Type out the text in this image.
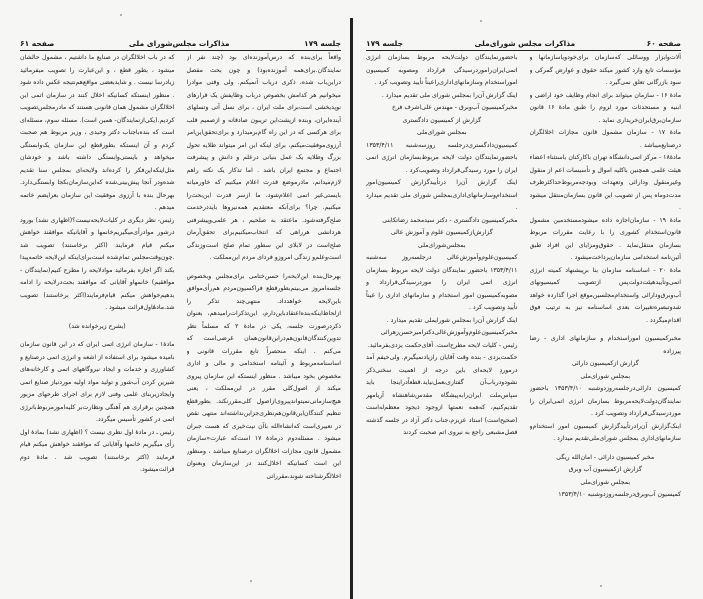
صفحه ۶۱	مذاکرات مجلس‌شورای ملی	جلسه ۱۷۹

واقعاً برای‌بنده که درس‌آموزنده‌ای بود (چند نفر از نمایندگان.برای‌همه آموزنده‌بود) و چون بحث مفصل دراین‌باب شده، ذکری درباب آنمیکنم. ولی وقتی مواد‌را میخوانیم هر کدامش بخصوص درباب وظایفش یک قرارهای نوپدیخشی است‌برای ملت ایران ، برای نسل آتی وتسلهای آینده‌ایران، وبنده ازپشت‌این تریبون صادقانه و ازصمیم قلب برای هرکسی که در این راه گام‌برمیدارد و برای‌تحقق‌این‌امر آرزوی‌موفقیت‌میکنم، برای اینکه این امر میتواند طلایه تحول بزرگ وطلایه یک عمل بنیانی درعلم و دانش و پیشرفت اجتماع و مجتمع ایران باشد . اما تذکار یک نکته راهم لازم‌میدانم، مادرموضع قدرت اعلام میکنیم که خاورمیانه بایستی‌غیر اتمی اعلام‌شود، ما ازسر قدرت این‌بحث‌را میکنیم. چرا؟ برای‌آنکه معتقدیم همه‌نیروها بایددرخدمت صلح‌گرفته‌شود. ماعتقد به صلحیم ، هر علمی‌وپیشرفتی هردانشی هرراهی که انتخاب‌میکنیم‌برای تحقق‌آرمان صلح‌است در لابلای این سطور تمام صلح است‌وزندگی است‌وعلم‌و زندگی امروزو فردای مردم این‌مملکت .

بهرحال‌بنده این‌لایحه‌را حسن‌ختامی برای‌مجلس وبخصوص جلسه‌امروز می‌بینم‌بطورقطع فراکسیون‌مردم هم‌رأی‌موافق باین‌لایحه خواهدداد. منتهی‌چند تذکر را ازلحاظ‌اینکه‌بنده‌اعتقادباین‌دارم، این‌تذکرات‌رامیدهم، بعنوان ذکردرصورت جلسه، یکی در مادهٔ ۲ که مسلماً نظر تدوین‌کنندگان‌قانون‌هم‌دراین‌قانون‌همان غرضی‌است که می‌کنم . اینکه منحصراً تابع مقررات قانونی و اساسنامه‌مربوط و آئینامه استخدامی و مالی و اداری مخصوص بخود میباشد . منظور اینستکه این سازمان پیروی میکند از اصول‌کلی مقرر در این‌مملکت ، یعنی هیچ‌سازمانی‌نمیتواندپیروی‌ازاصول کلی‌مقررنکند. بطورقطع تنظیم کنندگان‌این‌قانون‌هم‌نظری‌جزاین‌نداشته‌اند منتهی نقص در تعبیری‌است که‌انشاءالله باآن نیت‌خیری که هست جبران میشود . مسئله‌دوم درمادهٔ ۱۷ است‌که عبارت‌«سازمان مشمول قانون مجازات اخلالگران درصنایع میباشد ، ومنظور این است کسانیکه اخلال‌کنند در این‌سازمان وبعنوان اخلالگرشناخته شوند،مقرراتی

که در باب اخلالگران در صنایع ما داشتیم ، مشمول حالشان میشود ، بطور قطع ، و این‌عبارت را تصویب میفرمائید زیادرسا نیست . و شایدبعضی مواقع‌هم‌نتیجه عکس داده شود . منظور اینستکه کسانیکه اخلال کنند در سازمان اتمی این اخلالگران مشمول همان قانونی هستند که مادرمجلس‌تصویب کردیم.(یکی‌ازنمایندگان- همین است). مسئله سوم، مسئله‌ای است که بنده‌باجناب دکتر وحیدی ، وزیر مربوط هم صحبت کردم و آن اینستکه بطورقطع این سازمان یک‌وابستگی میخواهد و بایستی‌وابستگی داشته باشد و خودشان مثل‌اینکه‌این‌فکر را کرده‌اند ولایحه‌ای بمجلس سنا تقدیم شده‌ودر آنجا پیش‌بینی‌شده که‌این‌سازمان‌بکجا وابستگی‌دارد. بهرحال بنده با آرزوی موفقیت این سازمان بعرایضم خاتمه میدهم .

رئیس- نظر دیگری در کلیات‌لایحه‌نیست؟(اظهاری نشد) بورود درشور موادرأی‌میگیریم‌خانمها و آقایانیکه موافقند خواهش میکنم قیام فرمایند (اکثر برخاستند) تصویب شد .چون‌وقت‌مجلس تمام‌شده است‌برای‌اینکه این‌لایحه خاتمه‌پیدا بکند اگر اجازه بفرمائید موادلایحه را مطرح کنیم(نمایندگان - موافقیم) خانمهاو آقایانی که موافقند بحث‌درلایحه را ادامه بدهیم‌خواهش میکنم قیام‌فرمایند(اکثر برخاستند) تصویب شد.مادهٔاول‌قرائت میشود .

(بشرح زیرخوانده شد)

مادهٔ۱ - سازمان انرژی اتمی ایران که در این قانون سازمان نامیده میشود برای استفاده از اشعه و انرژی اتمی درصنایع و کشاورزی و خدمات و ایجاد نیروگاههای اتمی و کارخانه‌های شیرین کردن آب‌شور و تولید مواد اولیه موردنیاز صنایع اتمی وایجادزیربنای علمی وفنی لازم برای اجرای طرحهای مزبور همچنین برقراری هم آهنگی ونظارت‌بر کلیه‌امورمربوط‌بانرژی اتمی در کشور تأسیس میگردد.

رئیس ـ در مادهٔ اول نظری نیست ؟ (اظهاری نشد) بمادهٔ اول رأی میگیریم خانمها وآقایانی که موافقند خواهش میکنم قیام فرمایند (اکثر برخاستند) تصویب شد . مادهٔ دوم قرائت‌میشود.

صفحه ۶۰
مذاکرات مجلس شورای‌ملی
جلسه ۱۷۹

آلات‌وابزار ووسائلی که‌سازمان برای‌خودویاسازمانها و مؤسسات تابع وارد کشور میکند حقوق و عوارض گمرکی و سود بازرگانی تعلق نمی‌گیرد .

مادهٔ ۱۶ - سازمان میتواند برای انجام وظایف خود اراضی و ابنیه و مستحدثات مورد لزوم را طبق مادهٔ ۱۶ قانون سازمان‌برق‌ایران‌خریداری نماید .

مادهٔ ۱۷ - سازمان مشمول قانون مجازات اخلالگران درصنایع‌میباشد .

مادهٔ۱۸ - مرکز اتمی‌دانشگاه تهران باکارکنان باستثناء اعضاء هیئت علمی همچنین باکلیه اموال و تأسیسات اعم از منقول وغیرمنقول ودارائی وتعهدات وبودجه‌مربوط‌حداکثرظرف مدت‌دوماه پس از تصویب این قانون بسازمان‌منتقل میشود .

مادهٔ ۱۹ - سازمان‌اجازه داده میشودمستخدمین مشمول قانون‌استخدام کشوری را با رعایت مقررات مربوط بسازمان منتقل‌نماید . حقوق‌ومزایای این افراد طبق آئین‌نامه استخدامی سازمان‌پرداخت‌میشود .

مادهٔ ۲۰ - اساسنامه سازمان بنا برپیشنهاد کمیته انرژی اتمی‌وتأییدهیئت‌دولت‌پس ازتصویب کمیسیونهای آب‌وبرق‌ودارائی واستخدام‌مجلسین‌موقع اجرا گذارده خواهد شدوتبصره‌تغییرات بعدی اساسنامه نیز به ترتیب فوق اقدام‌میگردد .

مخبرکمیسیون اموراستخدام و سازمانهای اداری - رضا پیرزاده

گزارش ازکمیسیون دارائی

بمجلس شورای‌ملی

کمیسیون دارائی‌درجلسه‌روزدوشنبه ۱۳۵۳/۴/۱۰ باحضور نمایندگان‌دولت‌لایحه‌مربوط بسازمان انرژی اتمی‌ایران را موردرسیدگی‌قرارداد وتصویب کرد .

اینک‌گزارش آن‌رادرتأیید‌گزارش کمیسیون امور استخدام‌و سازمانهای‌اداری بمجلس شورای‌ملی‌تقدیم میدارد .

مخبر کمیسیون دارائی - امان‌الله ریگی

گزارش ازکمیسیون آب وبرق

بمجلس شورای‌ملی

کمیسیون آب‌وبرق‌درجلسه‌روزدوشنبه ۱۳۵۳/۴/۱۰

باحضورنمایندگان دولت‌لایحه مربوط بسازمان انرژی اتمی‌ایران‌راموردرسیدگی قرارداد ومصوبه کمیسیون اموراستخدام وسازمانهای‌اداری‌راعیناً تأیید وتصویب کرد .

اینک گزارش آن‌را بمجلس شورای ملی تقدیم میدارد .

مخبرکمیسیون آب‌وبرق - مهندس علی‌اشرف فرخ

گزارش از کمیسیون دادگستری

بمجلس شورای‌ملی

کمیسیون‌دادگستری‌درجلسه روزسه‌شنبه ۱۳۵۳/۴/۱۱ باحضورنمایندگان دولت لایحه مربوط‌بسازمان انرژی اتمی ایران را مورد رسیدگی‌قرارداد وتصویب‌کرد .

اینک گزارش آن‌را درتأییدگزارش کمیسیون‌امور استخدام‌وسازمانهای‌اداری‌بمجلس شورای ملی تقدیم میدارد .

مخبرکمیسیون دادگستری - دکتر سیدمحمد رضاتکابنی

گزارش‌ازکمیسیون علوم و آموزش عالی

بمجلس‌شورای‌ملی

کمیسیون‌علوم‌وآموزش‌عالی درجلسه‌روز سه‌شنبه ۱۳۵۳/۴/۱۱ باحضور نمایندگان دولت لایحه مربوط بسازمان انرژی اتمی ایران را موردرسیدگی‌قرارداد و مصوبه‌کمیسیون امور استخدام و سازمانهای اداری را عیناً تأیید وتصویب کرد .

اینک گزارش آن‌را بمجلس شورایملی تقدیم میدارد .

مخبرکمیسیون‌علوم‌وآموزش‌عالی‌دکترامیرحسن‌زهرائی

رئیس - کلیات لایحه مطرح‌است. آقای‌حکمت یزدی‌بفرمائید.

حکمت‌یزدی - بنده وقت آقایان را‌زیادنمیگیرم. ولی‌حیفم آمد درموردِ لایحه‌ای باین درجه از اهمیت سخنی‌ذکر نشودودرباب‌آن گفتاری‌بعمل‌نیاید.قطعاًدراینجا باید سپاس‌ملت ایران‌رابه‌پیشگاه مقدس‌شاهنشاه آریامهر تقدیم‌کنیم، که‌همه نعمتها ازوجود ذیجود معظم‌له‌است (صحیح‌است) استاد عزیزم،جناب دکتر آزاد در جلسه گذشته فصل‌مشبعی راجع به نیروی اتم صحبت کردند
